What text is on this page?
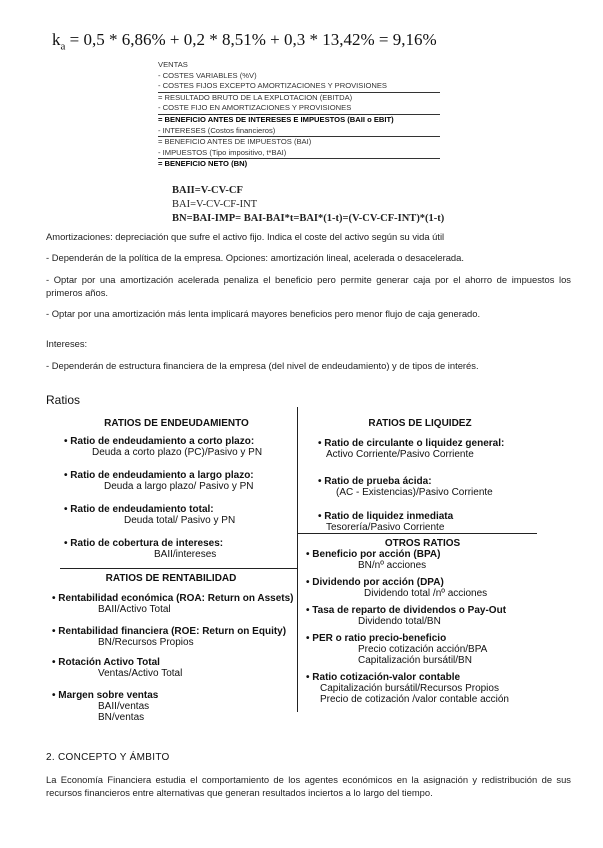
$k_a = 0,5 * 6,86\% + 0,2 * 8,51\% + 0,3 * 13,42\% = 9,16\%$
VENTAS
- COSTES VARIABLES (%V)
- COSTES FIJOS EXCEPTO AMORTIZACIONES Y PROVISIONES
= RESULTADO BRUTO DE LA EXPLOTACION (EBITDA)
- COSTE FIJO EN AMORTIZACIONES Y PROVISIONES
= BENEFICIO ANTES DE INTERESES E IMPUESTOS (BAII o EBIT)
- INTERESES (Costos financieros)
= BENEFICIO ANTES DE IMPUESTOS (BAI)
- IMPUESTOS (Tipo impositivo, t*BAI)
= BENEFICIO NETO (BN)
BAII=V-CV-CF
BAI=V-CV-CF-INT
BN=BAI-IMP= BAI-BAI*t=BAI*(1-t)=(V-CV-CF-INT)*(1-t)
Amortizaciones: depreciación que sufre el activo fijo. Indica el coste del activo según su vida útil
- Dependerán de la política de la empresa. Opciones: amortización lineal, acelerada o desacelerada.
- Optar por una amortización acelerada penaliza el beneficio pero permite generar caja por el ahorro de impuestos los primeros años.
- Optar por una amortización más lenta implicará mayores beneficios pero menor flujo de caja generado.
Intereses:
- Dependerán de estructura financiera de la empresa (del nivel de endeudamiento) y de tipos de interés.
Ratios
RATIOS DE ENDEUDAMIENTO
• Ratio de endeudamiento a corto plazo:
Deuda a corto plazo (PC)/Pasivo y PN
• Ratio de endeudamiento a largo plazo:
Deuda a largo plazo/ Pasivo y PN
• Ratio de endeudamiento total:
Deuda total/ Pasivo y PN
• Ratio de cobertura de intereses:
BAII/intereses
RATIOS DE LIQUIDEZ
• Ratio de circulante o liquidez general:
Activo Corriente/Pasivo Corriente
• Ratio de prueba ácida:
(AC - Existencias)/Pasivo Corriente
• Ratio de liquidez inmediata
Tesorería/Pasivo Corriente
RATIOS DE RENTABILIDAD
• Rentabilidad económica (ROA: Return on Assets)
BAII/Activo Total
• Rentabilidad financiera (ROE: Return on Equity)
BN/Recursos Propios
• Rotación Activo Total
Ventas/Activo Total
• Margen sobre ventas
BAII/ventas
BN/ventas
OTROS RATIOS
• Beneficio por acción (BPA)
BN/nº acciones
• Dividendo por acción (DPA)
Dividendo total /nº acciones
• Tasa de reparto de dividendos o Pay-Out
Dividendo total/BN
• PER o ratio precio-beneficio
Precio cotización acción/BPA
Capitalización bursátil/BN
• Ratio cotización-valor contable
Capitalización bursátil/Recursos Propios
Precio de cotización /valor contable acción
2. CONCEPTO Y ÁMBITO
La Economía Financiera estudia el comportamiento de los agentes económicos en la asignación y redistribución de sus recursos financieros entre alternativas que generan resultados inciertos a lo largo del tiempo.
